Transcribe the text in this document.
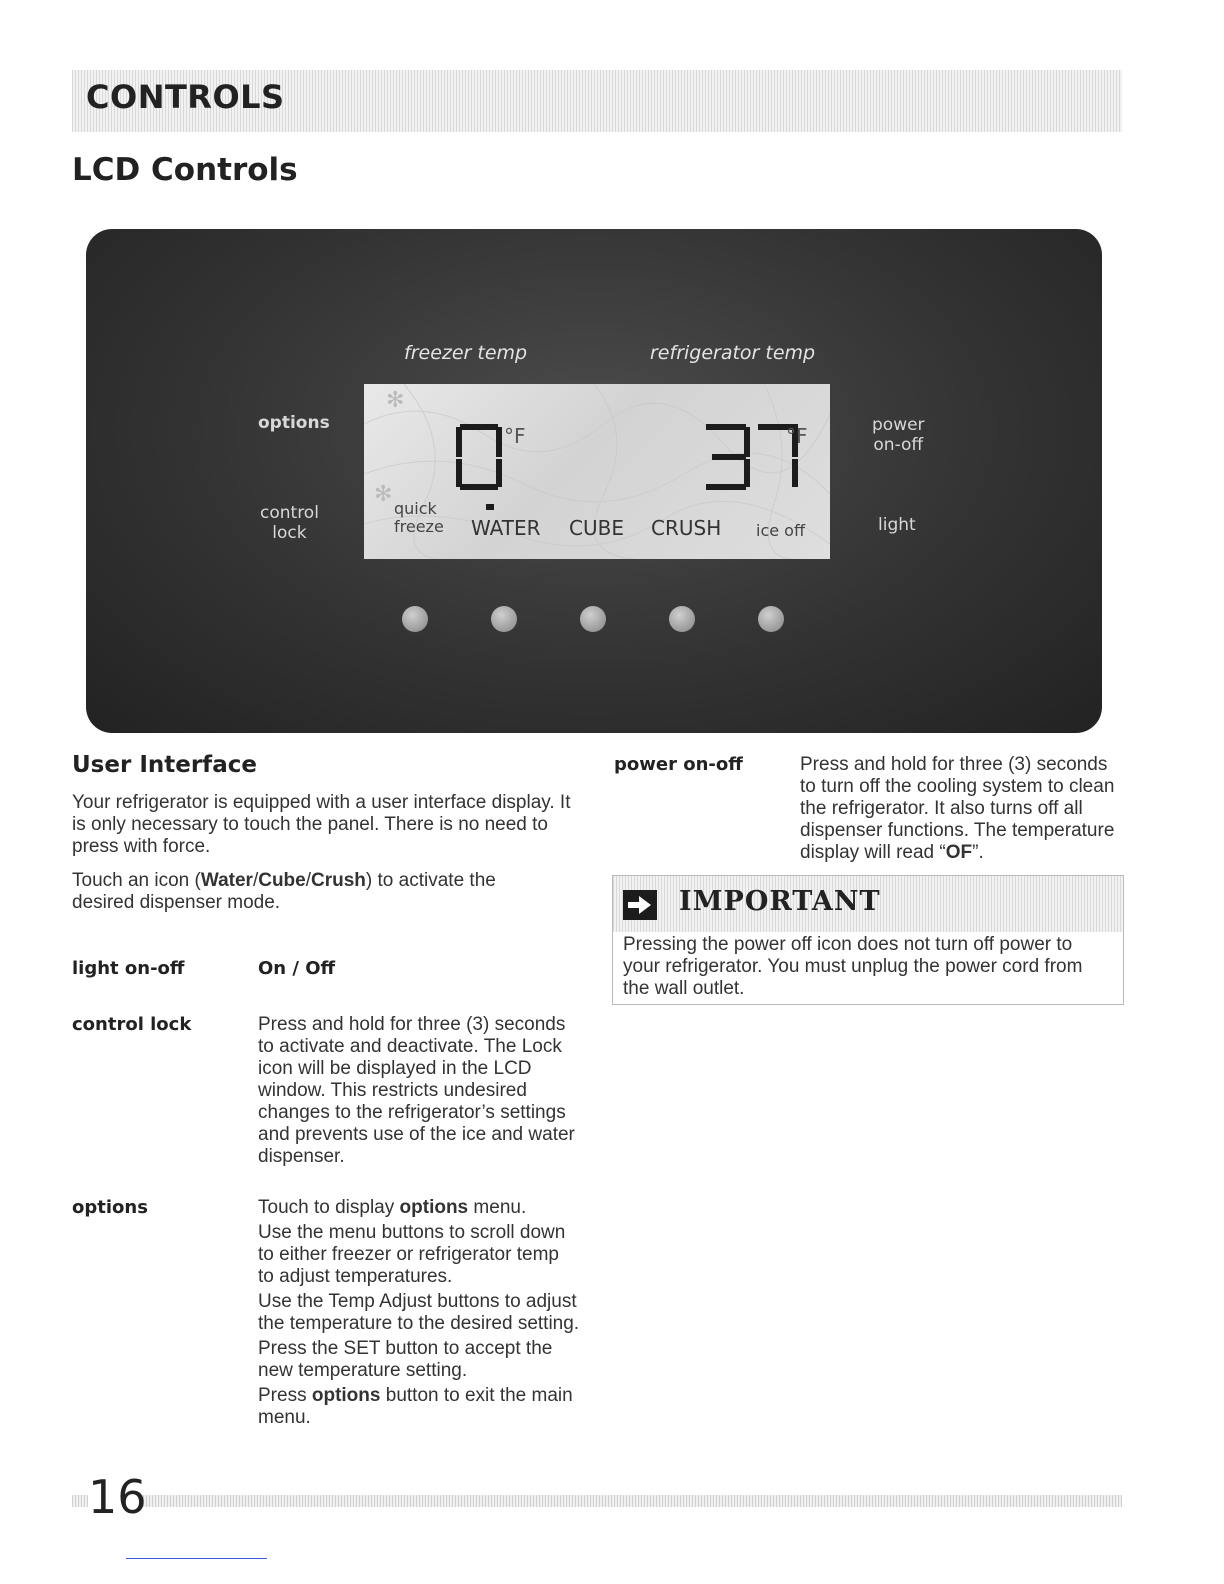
CONTROLS
LCD Controls
freezer temp	refrigerator temp
options
control
lock
power
on-off
light
✻
✻
°F	°F
quick
freeze WATER CUBE CRUSH ice off
User Interface
Your refrigerator is equipped with a user interface display. It is only necessary to touch the panel. There is no need to press with force.
Touch an icon (Water/Cube/Crush) to activate the desired dispenser mode.
light on-off	On / Off
control lock	Press and hold for three (3) seconds to activate and deactivate. The Lock icon will be displayed in the LCD window. This restricts undesired changes to the refrigerator’s settings and prevents use of the ice and water dispenser.
options	Touch to display options menu.

Use the menu buttons to scroll down to either freezer or refrigerator temp to adjust temperatures.

Use the Temp Adjust buttons to adjust the temperature to the desired setting.

Press the SET button to accept the new temperature setting.

Press options button to exit the main menu.

power on-off	Press and hold for three (3) seconds to turn off the cooling system to clean the refrigerator. It also turns off all dispenser functions. The temperature display will read “OF”.
IMPORTANT
Pressing the power off icon does not turn off power to your refrigerator. You must unplug the power cord from the wall outlet.
16
